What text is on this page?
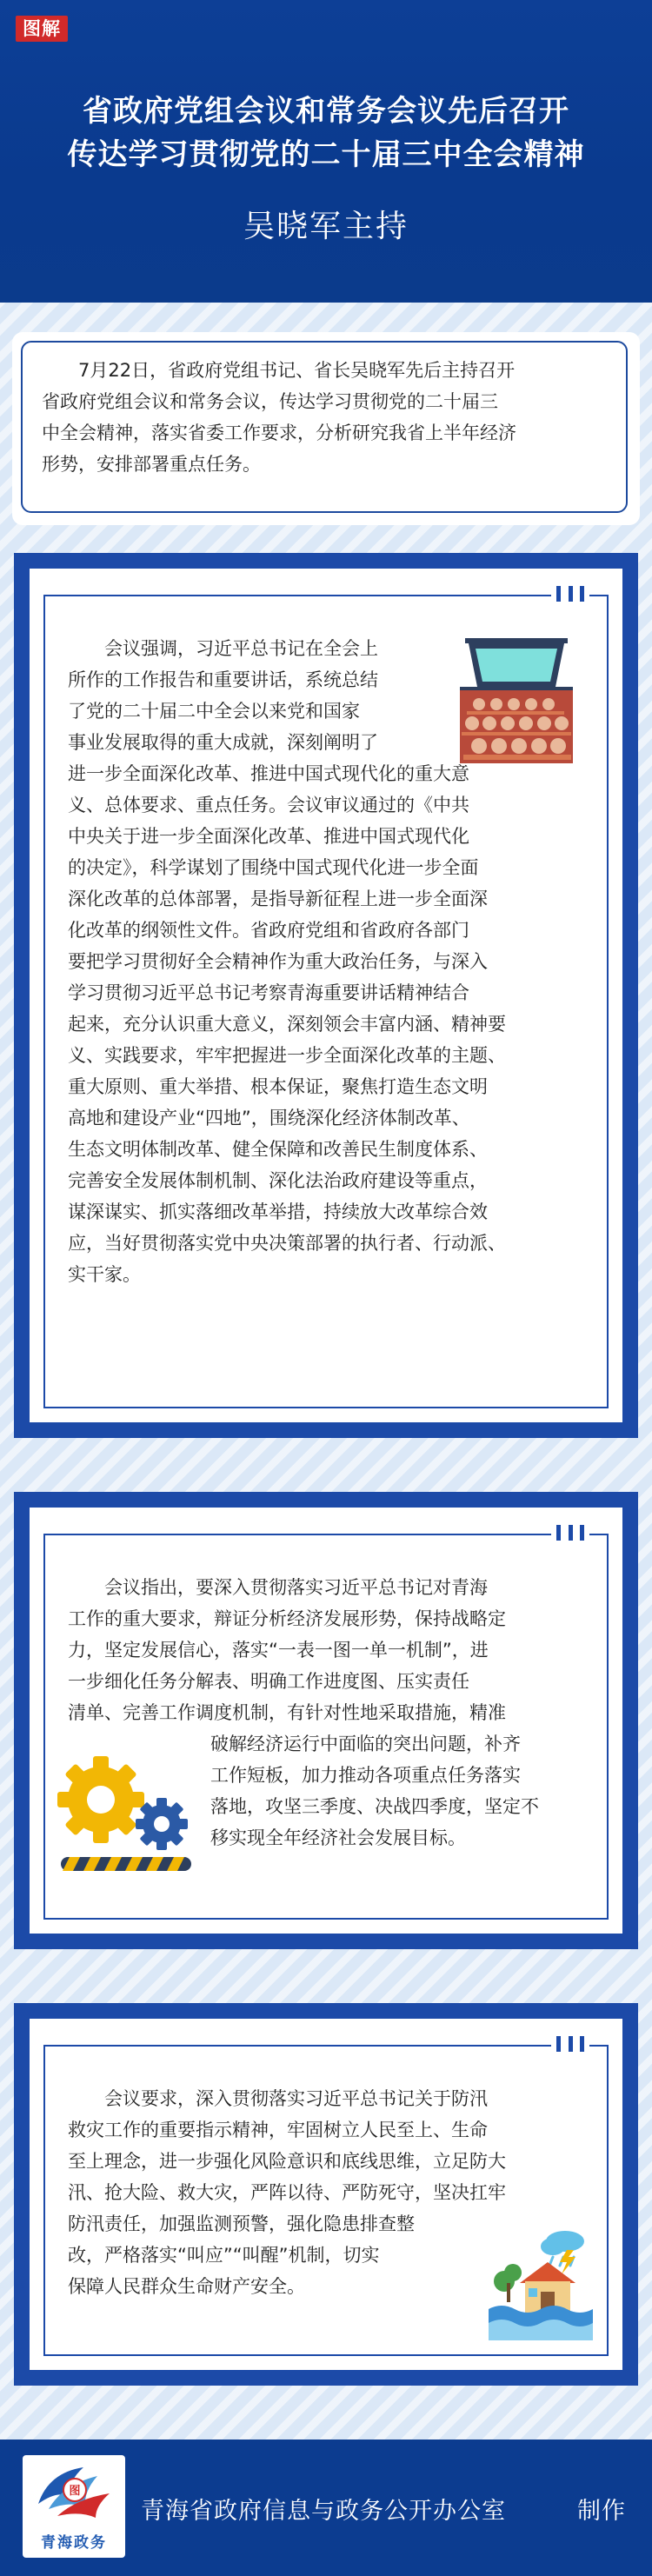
图解
省政府党组会议和常务会议先后召开
传达学习贯彻党的二十届三中全会精神
吴晓军主持
7月22日，省政府党组书记、省长吴晓军先后主持召开
省政府党组会议和常务会议，传达学习贯彻党的二十届三
中全会精神，落实省委工作要求，分析研究我省上半年经济
形势，安排部署重点任务。
会议强调，习近平总书记在全会上
所作的工作报告和重要讲话，系统总结
了党的二十届二中全会以来党和国家
事业发展取得的重大成就，深刻阐明了
进一步全面深化改革、推进中国式现代化的重大意
义、总体要求、重点任务。会议审议通过的《中共
中央关于进一步全面深化改革、推进中国式现代化
的决定》，科学谋划了围绕中国式现代化进一步全面
深化改革的总体部署，是指导新征程上进一步全面深
化改革的纲领性文件。省政府党组和省政府各部门
要把学习贯彻好全会精神作为重大政治任务，与深入
学习贯彻习近平总书记考察青海重要讲话精神结合
起来，充分认识重大意义，深刻领会丰富内涵、精神要
义、实践要求，牢牢把握进一步全面深化改革的主题、
重大原则、重大举措、根本保证，聚焦打造生态文明
高地和建设产业“四地”，围绕深化经济体制改革、
生态文明体制改革、健全保障和改善民生制度体系、
完善安全发展体制机制、深化法治政府建设等重点，
谋深谋实、抓实落细改革举措，持续放大改革综合效
应，当好贯彻落实党中央决策部署的执行者、行动派、
实干家。
会议指出，要深入贯彻落实习近平总书记对青海
工作的重大要求，辩证分析经济发展形势，保持战略定
力，坚定发展信心，落实“一表一图一单一机制”，进
一步细化任务分解表、明确工作进度图、压实责任
清单、完善工作调度机制，有针对性地采取措施，精准
破解经济运行中面临的突出问题，补齐
工作短板，加力推动各项重点任务落实
落地，攻坚三季度、决战四季度，坚定不
移实现全年经济社会发展目标。
会议要求，深入贯彻落实习近平总书记关于防汛
救灾工作的重要指示精神，牢固树立人民至上、生命
至上理念，进一步强化风险意识和底线思维，立足防大
汛、抢大险、救大灾，严阵以待、严防死守，坚决扛牢
防汛责任，加强监测预警，强化隐患排查整
改，严格落实“叫应”“叫醒”机制，切实
保障人民群众生命财产安全。
图
青海政务
青海省政府信息与政务公开办公室	制作
